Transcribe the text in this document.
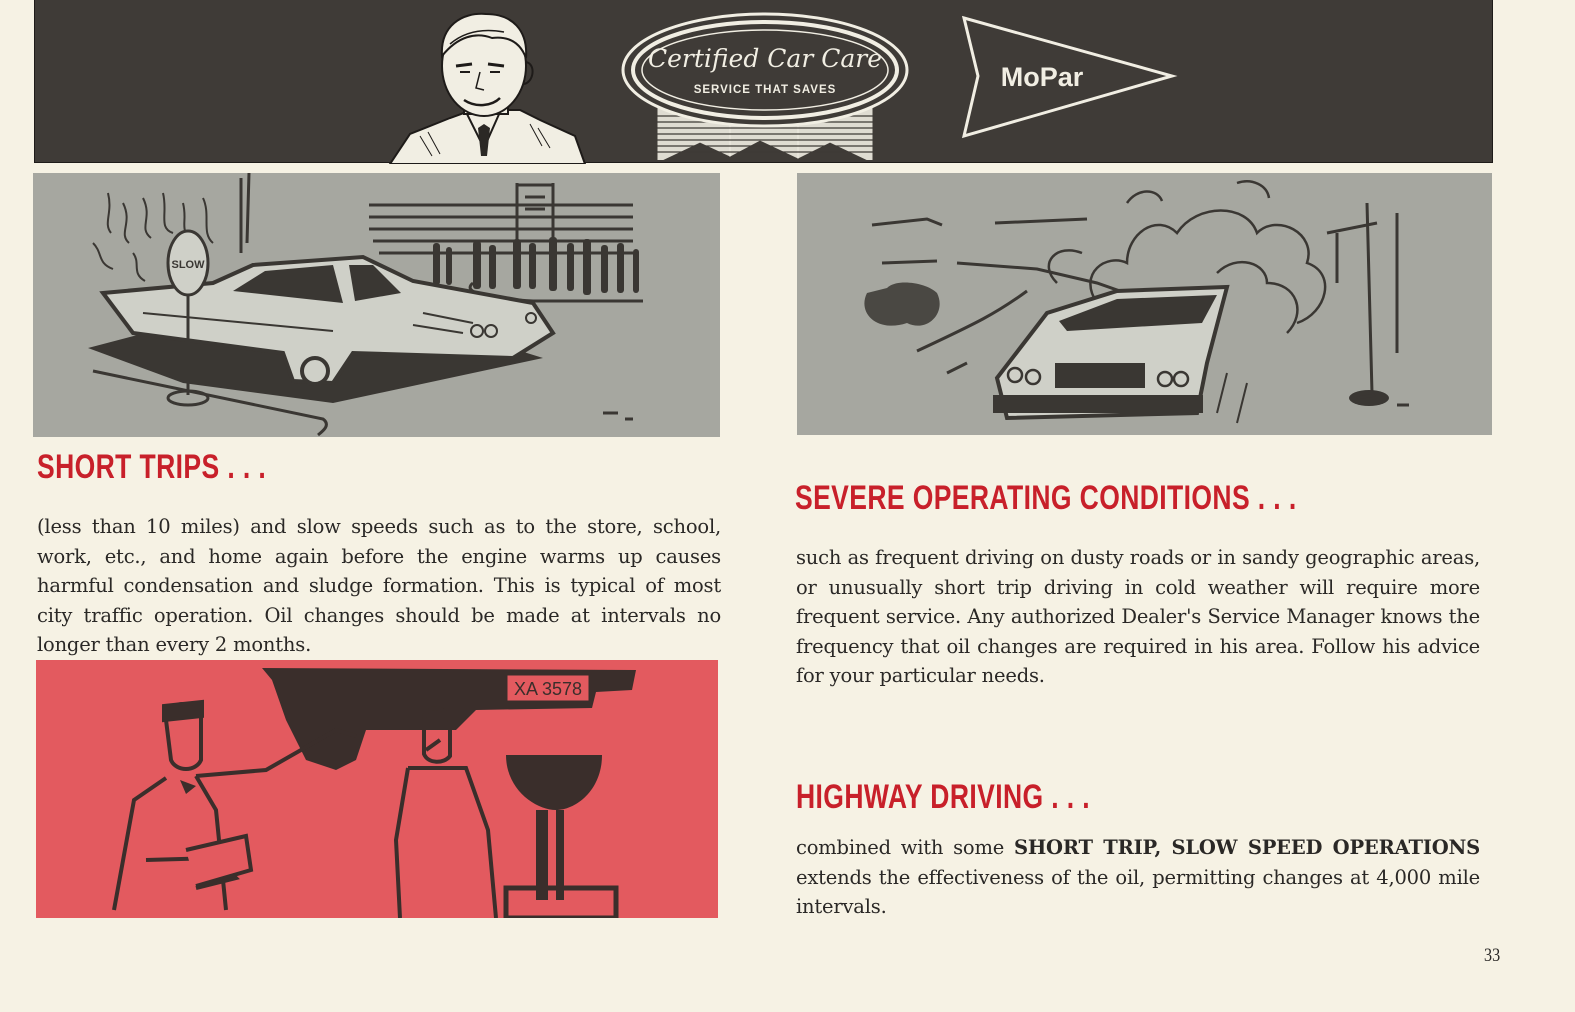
Certified Car Care
SERVICE THAT SAVES	MoPar
SLOW
SHORT TRIPS . . .

(less than 10 miles) and slow speeds such as to the store, school, work, etc., and home again before the engine warms up causes harmful condensation and sludge formation. This is typical of most city traffic operation. Oil changes should be made at intervals no longer than every 2 months.

SEVERE OPERATING CONDITIONS . . .

such as frequent driving on dusty roads or in sandy geographic areas, or unusually short trip driving in cold weather will require more frequent service. Any authorized Dealer's Service Manager knows the frequency that oil changes are required in his area. Follow his advice for your particular needs.

HIGHWAY DRIVING . . .

combined with some SHORT TRIP, SLOW SPEED OPERATIONS extends the effectiveness of the oil, permitting changes at 4,000 mile intervals.

XA 3578
33
